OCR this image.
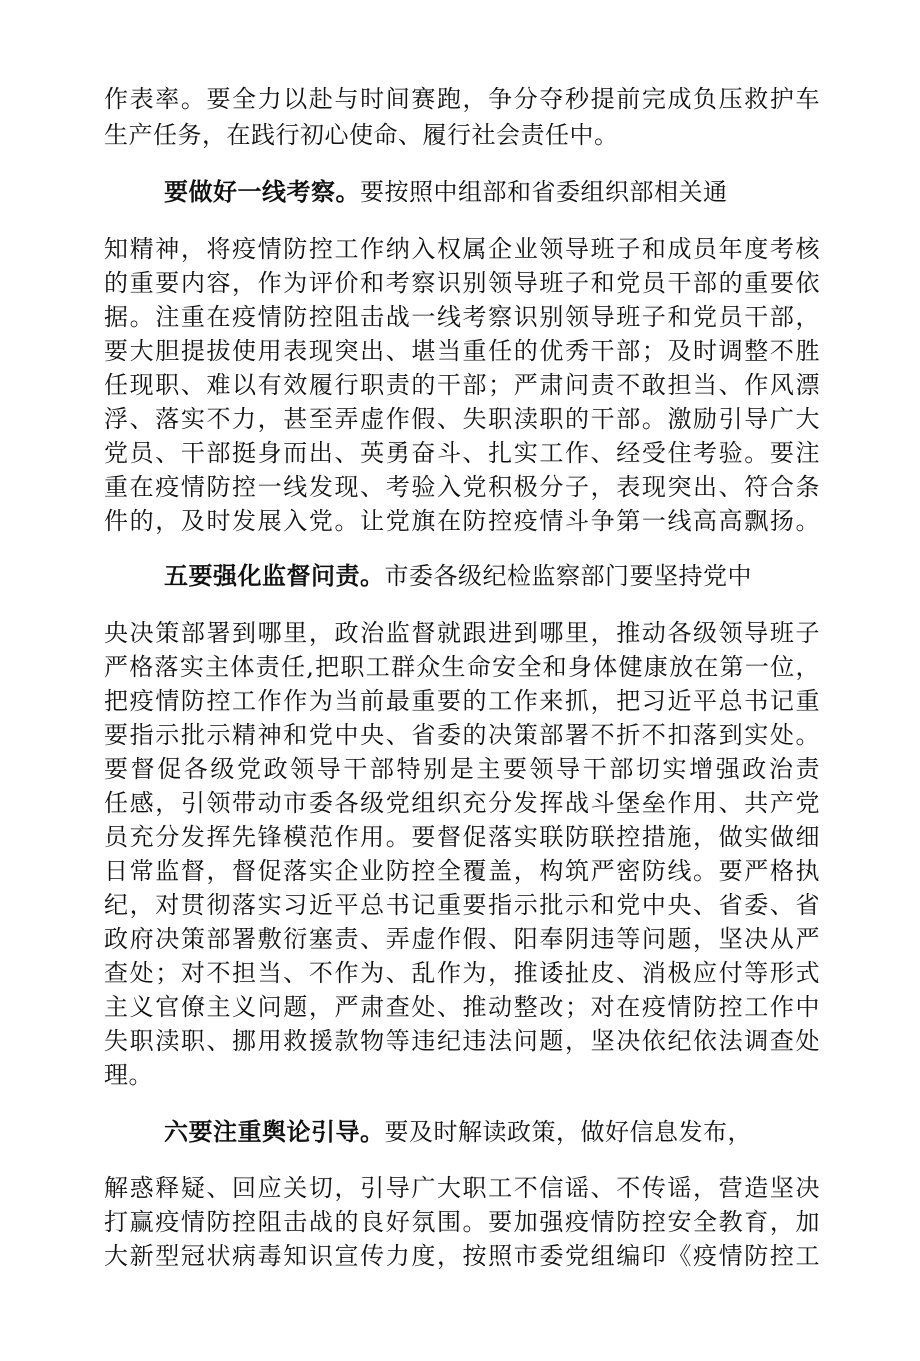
作表率。要全力以赴与时间赛跑，争分夺秒提前完成负压救护车
生产任务，在践行初心使命、履行社会责任中。
要做好一线考察。要按照中组部和省委组织部相关通
知精神，将疫情防控工作纳入权属企业领导班子和成员年度考核
的重要内容，作为评价和考察识别领导班子和党员干部的重要依
据。注重在疫情防控阻击战一线考察识别领导班子和党员干部，
要大胆提拔使用表现突出、堪当重任的优秀干部；及时调整不胜
任现职、难以有效履行职责的干部；严肃问责不敢担当、作风漂
浮、落实不力，甚至弄虚作假、失职渎职的干部。激励引导广大
党员、干部挺身而出、英勇奋斗、扎实工作、经受住考验。要注
重在疫情防控一线发现、考验入党积极分子，表现突出、符合条
件的，及时发展入党。让党旗在防控疫情斗争第一线高高飘扬。
五要强化监督问责。市委各级纪检监察部门要坚持党中
央决策部署到哪里，政治监督就跟进到哪里，推动各级领导班子
严格落实主体责任,把职工群众生命安全和身体健康放在第一位，
把疫情防控工作作为当前最重要的工作来抓，把习近平总书记重
要指示批示精神和党中央、省委的决策部署不折不扣落到实处。
要督促各级党政领导干部特别是主要领导干部切实增强政治责
任感，引领带动市委各级党组织充分发挥战斗堡垒作用、共产党
员充分发挥先锋模范作用。要督促落实联防联控措施，做实做细
日常监督，督促落实企业防控全覆盖，构筑严密防线。要严格执
纪，对贯彻落实习近平总书记重要指示批示和党中央、省委、省
政府决策部署敷衍塞责、弄虚作假、阳奉阴违等问题，坚决从严
查处；对不担当、不作为、乱作为，推诿扯皮、消极应付等形式
主义官僚主义问题，严肃查处、推动整改；对在疫情防控工作中
失职渎职、挪用救援款物等违纪违法问题，坚决依纪依法调查处
理。
六要注重舆论引导。要及时解读政策，做好信息发布，
解惑释疑、回应关切，引导广大职工不信谣、不传谣，营造坚决
打赢疫情防控阻击战的良好氛围。要加强疫情防控安全教育，加
大新型冠状病毒知识宣传力度，按照市委党组编印《疫情防控工
